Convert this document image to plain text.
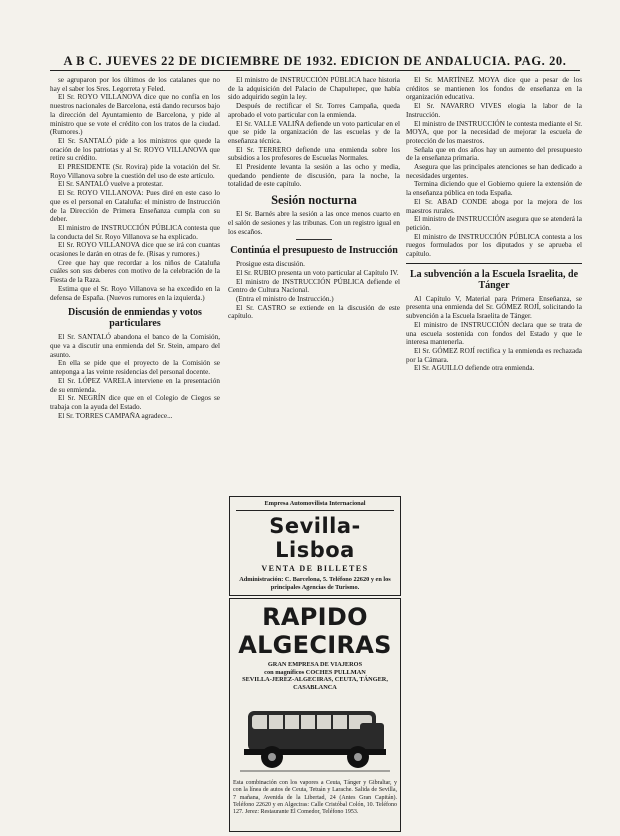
A B C. JUEVES 22 DE DICIEMBRE DE 1932. EDICION DE ANDALUCIA. PAG. 20.

se agruparon por los últimos de los catalanes que no hay el saber los Sres. Legorreta y Feled.

El Sr. ROYO VILLANOVA dice que no confía en los nuestros nacionales de Barcelona, está dando recursos bajo la dirección del Ayuntamiento de Barcelona, y pide al ministro que se vote el crédito con los tratos de la ciudad. (Rumores.)

El Sr. SANTALÓ pide a los ministros que quede la oración de los patriotas y al Sr. ROYO VILLANOVA que retire su crédito.

El PRESIDENTE (Sr. Rovira) pide la votación del Sr. Royo Villanova sobre la cuestión del uso de este artículo.

El Sr. SANTALÓ vuelve a protestar.

El Sr. ROYO VILLANOVA: Pues diré en este caso lo que es el personal en Cataluña: el ministro de Instrucción de la Dirección de Primera Enseñanza cumpla con su deber.

El ministro de INSTRUCCIÓN PÚBLICA contesta que la conducta del Sr. Royo Villanova se ha explicado.

El Sr. ROYO VILLANOVA dice que se irá con cuantas ocasiones le darán en otras de fe. (Risas y rumores.)

Cree que hay que recordar a los niños de Cataluña cuáles son sus deberes con motivo de la celebración de la Fiesta de la Raza.

Estima que el Sr. Royo Villanova se ha excedido en la defensa de España. (Nuevos rumores en la izquierda.)

Discusión de enmiendas y votos particulares

El Sr. SANTALÓ abandona el banco de la Comisión, que va a discutir una enmienda del Sr. Stein, amparo del asunto.

En ella se pide que el proyecto de la Comisión se anteponga a las veinte residencias del personal docente.

El Sr. LÓPEZ VARELA interviene en la presentación de su enmienda.

El Sr. NEGRÍN dice que en el Colegio de Ciegos se trabaja con la ayuda del Estado.

El Sr. TORRES CAMPAÑA agradece...

El ministro de INSTRUCCIÓN PÚBLICA hace historia de la adquisición del Palacio de Chapultepec, que había sido adquirido según la ley.

Después de rectificar el Sr. Torres Campaña, queda aprobado el voto particular con la enmienda.

El Sr. VALLE VALIÑA defiende un voto particular en el que se pide la organización de las escuelas y de la enseñanza técnica.

El Sr. TERRERO defiende una enmienda sobre los subsidios a los profesores de Escuelas Normales.

El Presidente levanta la sesión a las ocho y media, quedando pendiente de discusión, para la noche, la totalidad de este capítulo.

Sesión nocturna

El Sr. Barnés abre la sesión a las once menos cuarto en el salón de sesiones y las tribunas. Con un registro igual en los escaños.

Continúa el presupuesto de Instrucción

Prosigue esta discusión.

El Sr. RUBIO presenta un voto particular al Capítulo IV.

El ministro de INSTRUCCIÓN PÚBLICA defiende el Centro de Cultura Nacional.

(Entra el ministro de Instrucción.)

El Sr. CASTRO se extiende en la discusión de este capítulo.

Empresa Automovilista Internacional
Sevilla-Lisboa
VENTA DE BILLETES
Administración: C. Barcelona, 5. Teléfono 22620 y en los principales Agencias de Turismo.
RAPIDO ALGECIRAS
GRAN EMPRESA DE VIAJEROS
con magníficos COCHES PULLMAN
SEVILLA-JEREZ-ALGECIRAS, CEUTA, TÁNGER, CASABLANCA
Esta combinación con los vapores a Ceuta, Tánger y Gibraltar, y con la línea de autos de Ceuta, Tetuán y Larache. Salida de Sevilla, 7 mañana, Avenida de la Libertad, 24 (Antes Gran Capitán). Teléfono 22620 y en Algeciras: Calle Cristóbal Colón, 10. Teléfono 127. Jerez: Restaurante El Comedor, Teléfono 1953.

El Sr. MARTÍNEZ MOYA dice que a pesar de los créditos se mantienen los fondos de enseñanza en la organización educativa.

El Sr. NAVARRO VIVES elogia la labor de la Instrucción.

El ministro de INSTRUCCIÓN le contesta mediante el Sr. MOYA, que por la necesidad de mejorar la escuela de protección de los maestros.

Señala que en dos años hay un aumento del presupuesto de la enseñanza primaria.

Asegura que las principales atenciones se han dedicado a necesidades urgentes.

Termina diciendo que el Gobierno quiere la extensión de la enseñanza pública en toda España.

El Sr. ABAD CONDE aboga por la mejora de los maestros rurales.

El ministro de INSTRUCCIÓN asegura que se atenderá la petición.

El ministro de INSTRUCCIÓN PÚBLICA contesta a los ruegos formulados por los diputados y se aprueba el capítulo.

La subvención a la Escuela Israelita, de Tánger

Al Capítulo V, Material para Primera Enseñanza, se presenta una enmienda del Sr. GÓMEZ ROJÍ, solicitando la subvención a la Escuela Israelita de Tánger.

El ministro de INSTRUCCIÓN declara que se trata de una escuela sostenida con fondos del Estado y que le interesa mantenerla.

El Sr. GÓMEZ ROJÍ rectifica y la enmienda es rechazada por la Cámara.

El Sr. AGUILLO defiende otra enmienda.
